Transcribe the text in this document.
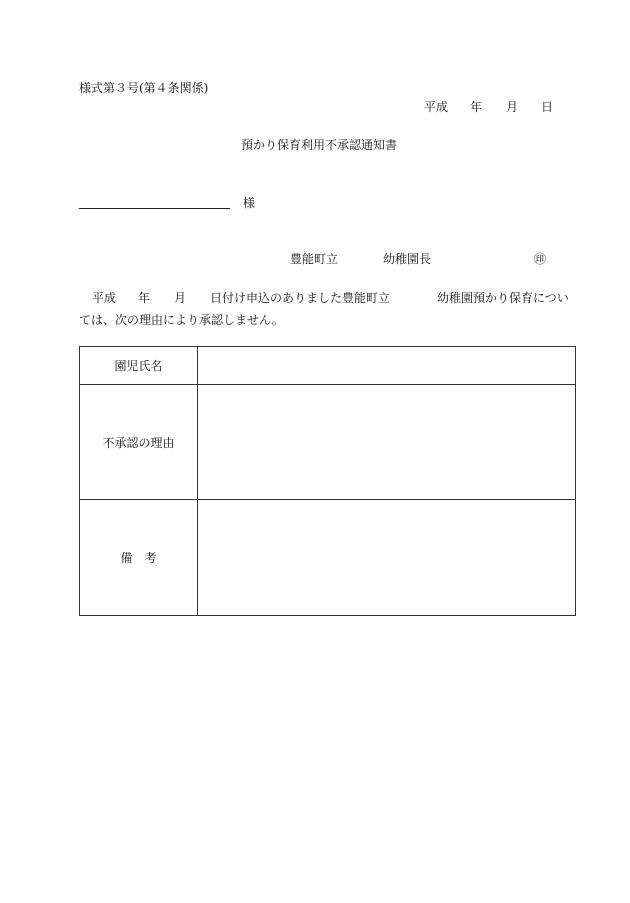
様式第３号(第４条関係)
平成 年 月 日
預かり保育利用不承認通知書
様
豊能町立	幼稚園長	㊞
平成 年 月 日付け申込のありました豊能町立	幼稚園預かり保育につい
ては、次の理由により承認しません。
園児氏名	
不承認の理由	
備　考	
